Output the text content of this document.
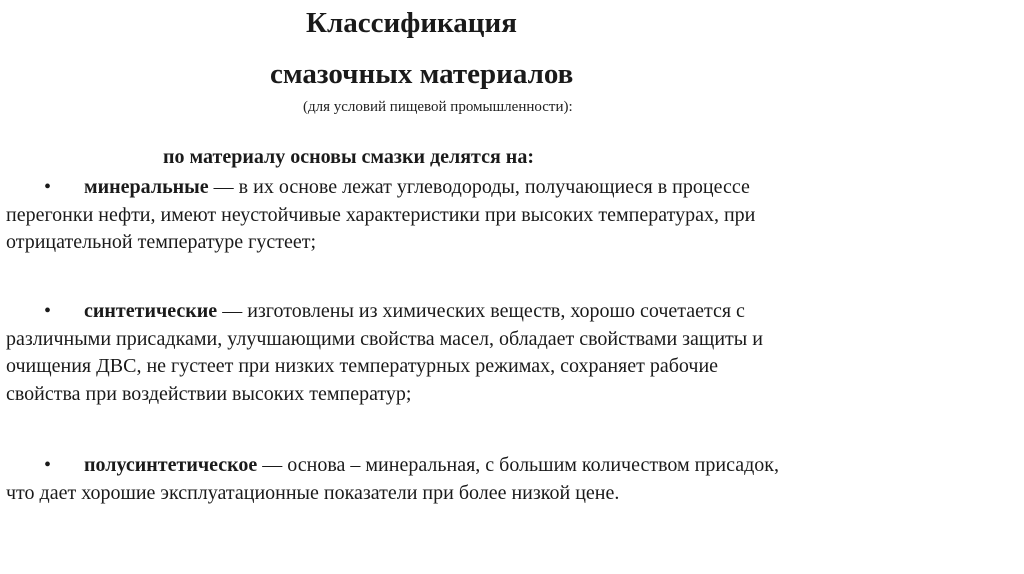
Классификация
смазочных материалов
(для условий пищевой промышленности):
по материалу основы смазки делятся на:
• минеральные — в их основе лежат углеводороды, получающиеся в процессе
перегонки нефти, имеют неустойчивые характеристики при высоких температурах, при
отрицательной температуре густеет;
• синтетические — изготовлены из химических веществ, хорошо сочетается с
различными присадками, улучшающими свойства масел, обладает свойствами защиты и
очищения ДВС, не густеет при низких температурных режимах, сохраняет рабочие
свойства при воздействии высоких температур;
• полусинтетическое — основа – минеральная, с большим количеством присадок,
что дает хорошие эксплуатационные показатели при более низкой цене.
